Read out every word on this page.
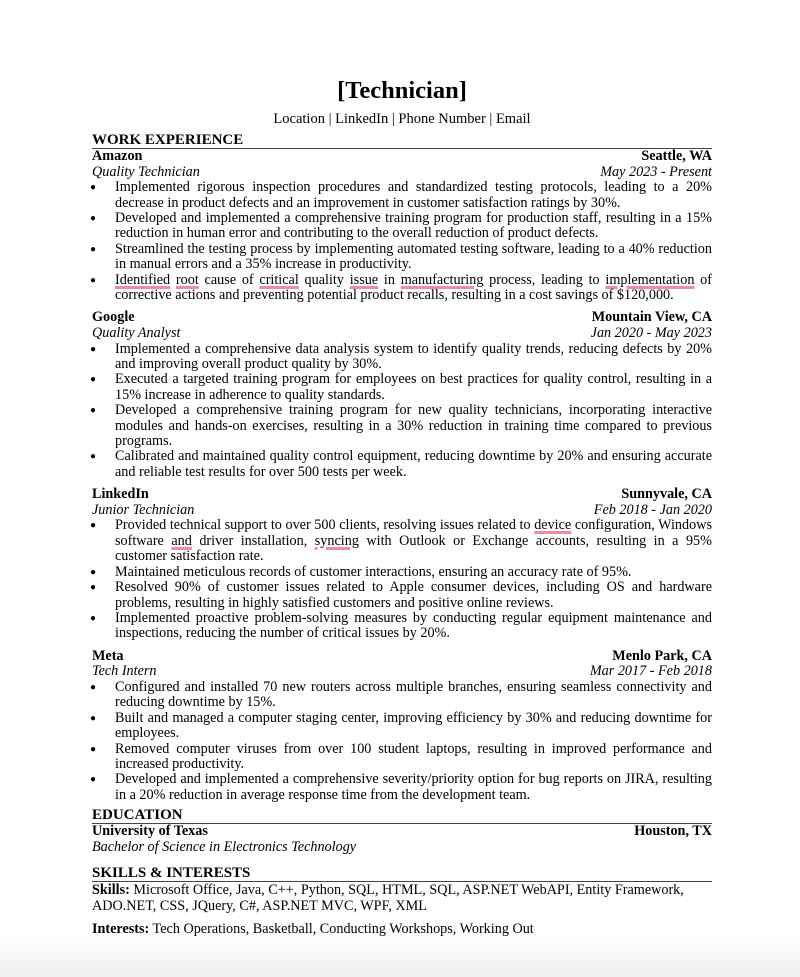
[Technician]
Location | LinkedIn | Phone Number | Email
WORK EXPERIENCE
Amazon	Seattle, WA
Quality Technician	May 2023 - Present
● Implemented rigorous inspection procedures and standardized testing protocols, leading to a 20% decrease in product defects and an improvement in customer satisfaction ratings by 30%.
● Developed and implemented a comprehensive training program for production staff, resulting in a 15% reduction in human error and contributing to the overall reduction of product defects.
● Streamlined the testing process by implementing automated testing software, leading to a 40% reduction in manual errors and a 35% increase in productivity.
● Identified root cause of critical quality issue in manufacturing process, leading to implementation of corrective actions and preventing potential product recalls, resulting in a cost savings of $120,000.
Google	Mountain View, CA
Quality Analyst	Jan 2020 - May 2023
● Implemented a comprehensive data analysis system to identify quality trends, reducing defects by 20% and improving overall product quality by 30%.
● Executed a targeted training program for employees on best practices for quality control, resulting in a 15% increase in adherence to quality standards.
● Developed a comprehensive training program for new quality technicians, incorporating interactive modules and hands-on exercises, resulting in a 30% reduction in training time compared to previous programs.
● Calibrated and maintained quality control equipment, reducing downtime by 20% and ensuring accurate and reliable test results for over 500 tests per week.
LinkedIn	Sunnyvale, CA
Junior Technician	Feb 2018 - Jan 2020
● Provided technical support to over 500 clients, resolving issues related to device configuration, Windows software and driver installation, syncing with Outlook or Exchange accounts, resulting in a 95% customer satisfaction rate.
● Maintained meticulous records of customer interactions, ensuring an accuracy rate of 95%.
● Resolved 90% of customer issues related to Apple consumer devices, including OS and hardware problems, resulting in highly satisfied customers and positive online reviews.
● Implemented proactive problem-solving measures by conducting regular equipment maintenance and inspections, reducing the number of critical issues by 20%.
Meta	Menlo Park, CA
Tech Intern	Mar 2017 - Feb 2018
● Configured and installed 70 new routers across multiple branches, ensuring seamless connectivity and reducing downtime by 15%.
● Built and managed a computer staging center, improving efficiency by 30% and reducing downtime for employees.
● Removed computer viruses from over 100 student laptops, resulting in improved performance and increased productivity.
● Developed and implemented a comprehensive severity/priority option for bug reports on JIRA, resulting in a 20% reduction in average response time from the development team.
EDUCATION
University of Texas	Houston, TX
Bachelor of Science in Electronics Technology
SKILLS & INTERESTS
Skills: Microsoft Office, Java, C++, Python, SQL, HTML, SQL, ASP.NET WebAPI, Entity Framework, ADO.NET, CSS, JQuery, C#, ASP.NET MVC, WPF, XML
Interests: Tech Operations, Basketball, Conducting Workshops, Working Out
